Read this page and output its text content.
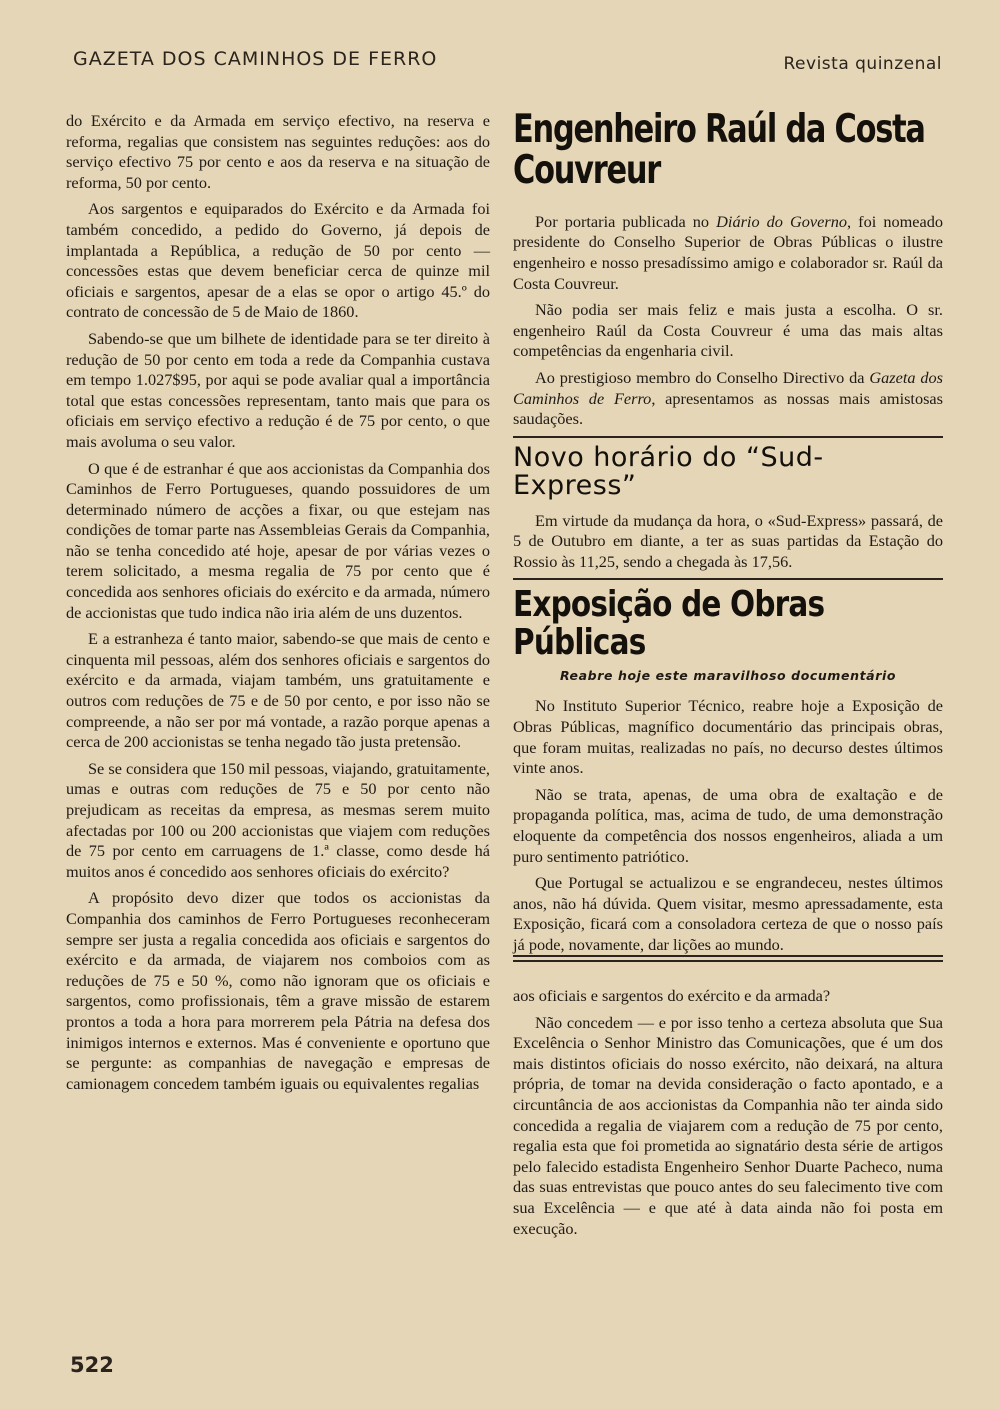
GAZETA DOS CAMINHOS DE FERRO	Revista quinzenal

do Exército e da Armada em serviço efectivo, na reserva e reforma, regalias que consistem nas seguintes reduções: aos do serviço efectivo 75 por cento e aos da reserva e na situação de reforma, 50 por cento.

Aos sargentos e equiparados do Exército e da Armada foi também concedido, a pedido do Governo, já depois de implantada a República, a redução de 50 por cento — concessões estas que devem beneficiar cerca de quinze mil oficiais e sargentos, apesar de a elas se opor o artigo 45.º do contrato de concessão de 5 de Maio de 1860.

Sabendo-se que um bilhete de identidade para se ter direito à redução de 50 por cento em toda a rede da Companhia custava em tempo 1.027$95, por aqui se pode avaliar qual a importância total que estas concessões representam, tanto mais que para os oficiais em serviço efectivo a redução é de 75 por cento, o que mais avoluma o seu valor.

O que é de estranhar é que aos accionistas da Companhia dos Caminhos de Ferro Portugueses, quando possuidores de um determinado número de acções a fixar, ou que estejam nas condições de tomar parte nas Assembleias Gerais da Companhia, não se tenha concedido até hoje, apesar de por várias vezes o terem solicitado, a mesma regalia de 75 por cento que é concedida aos senhores oficiais do exército e da armada, número de accionistas que tudo indica não iria além de uns duzentos.

E a estranheza é tanto maior, sabendo-se que mais de cento e cinquenta mil pessoas, além dos senhores oficiais e sargentos do exército e da armada, viajam também, uns gratuitamente e outros com reduções de 75 e de 50 por cento, e por isso não se compreende, a não ser por má vontade, a razão porque apenas a cerca de 200 accionistas se tenha negado tão justa pretensão.

Se se considera que 150 mil pessoas, viajando, gratuitamente, umas e outras com reduções de 75 e 50 por cento não prejudicam as receitas da empresa, as mesmas serem muito afectadas por 100 ou 200 accionistas que viajem com reduções de 75 por cento em carruagens de 1.ª classe, como desde há muitos anos é concedido aos senhores oficiais do exército?

A propósito devo dizer que todos os accionistas da Companhia dos caminhos de Ferro Portugueses reconheceram sempre ser justa a regalia concedida aos oficiais e sargentos do exército e da armada, de viajarem nos comboios com as reduções de 75 e 50 %, como não ignoram que os oficiais e sargentos, como profissionais, têm a grave missão de estarem prontos a toda a hora para morrerem pela Pátria na defesa dos inimigos internos e externos. Mas é conveniente e oportuno que se pergunte: as companhias de navegação e empresas de camionagem concedem também iguais ou equivalentes regalias

Engenheiro Raúl da Costa Couvreur

Por portaria publicada no Diário do Governo, foi nomeado presidente do Conselho Superior de Obras Públicas o ilustre engenheiro e nosso presadíssimo amigo e colaborador sr. Raúl da Costa Couvreur.

Não podia ser mais feliz e mais justa a escolha. O sr. engenheiro Raúl da Costa Couvreur é uma das mais altas competências da engenharia civil.

Ao prestigioso membro do Conselho Directivo da Gazeta dos Caminhos de Ferro, apresentamos as nossas mais amistosas saudações.

Novo horário do “Sud-Express”

Em virtude da mudança da hora, o «Sud-Express» passará, de 5 de Outubro em diante, a ter as suas partidas da Estação do Rossio às 11,25, sendo a chegada às 17,56.

Exposição de Obras Públicas
Reabre hoje este maravilhoso documentário

No Instituto Superior Técnico, reabre hoje a Exposição de Obras Públicas, magnífico documentário das principais obras, que foram muitas, realizadas no país, no decurso destes últimos vinte anos.

Não se trata, apenas, de uma obra de exaltação e de propaganda política, mas, acima de tudo, de uma demonstração eloquente da competência dos nossos engenheiros, aliada a um puro sentimento patriótico.

Que Portugal se actualizou e se engrandeceu, nestes últimos anos, não há dúvida. Quem visitar, mesmo apressadamente, esta Exposição, ficará com a consoladora certeza de que o nosso país já pode, novamente, dar lições ao mundo.

aos oficiais e sargentos do exército e da armada?

Não concedem — e por isso tenho a certeza absoluta que Sua Excelência o Senhor Ministro das Comunicações, que é um dos mais distintos oficiais do nosso exército, não deixará, na altura própria, de tomar na devida consideração o facto apontado, e a circuntância de aos accionistas da Companhia não ter ainda sido concedida a regalia de viajarem com a redução de 75 por cento, regalia esta que foi prometida ao signatário desta série de artigos pelo falecido estadista Engenheiro Senhor Duarte Pacheco, numa das suas entrevistas que pouco antes do seu falecimento tive com sua Excelência — e que até à data ainda não foi posta em execução.

522
